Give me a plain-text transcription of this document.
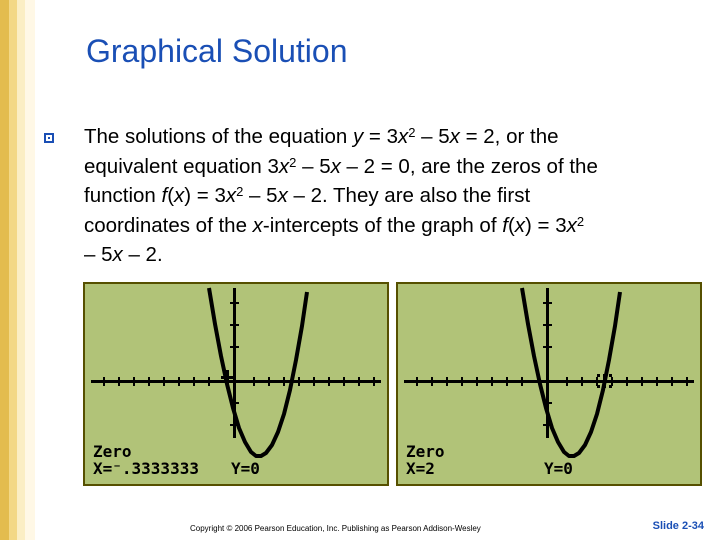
Graphical Solution
The solutions of the equation $y = 3x^2 - 5x = 2$, or the
equivalent equation $3x^2 - 5x - 2 = 0$, are the zeros of the
function $f(x) = 3x^2 - 5x - 2$. They are also the first
coordinates of the x-intercepts of the graph of $f(x) = 3x^2$
– 5x – 2.
Zero
X=⁻.3333333 Y=0
Zero
X=2	Y=0
Copyright © 2006 Pearson Education, Inc. Publishing as Pearson Addison-Wesley	Slide 2-34
